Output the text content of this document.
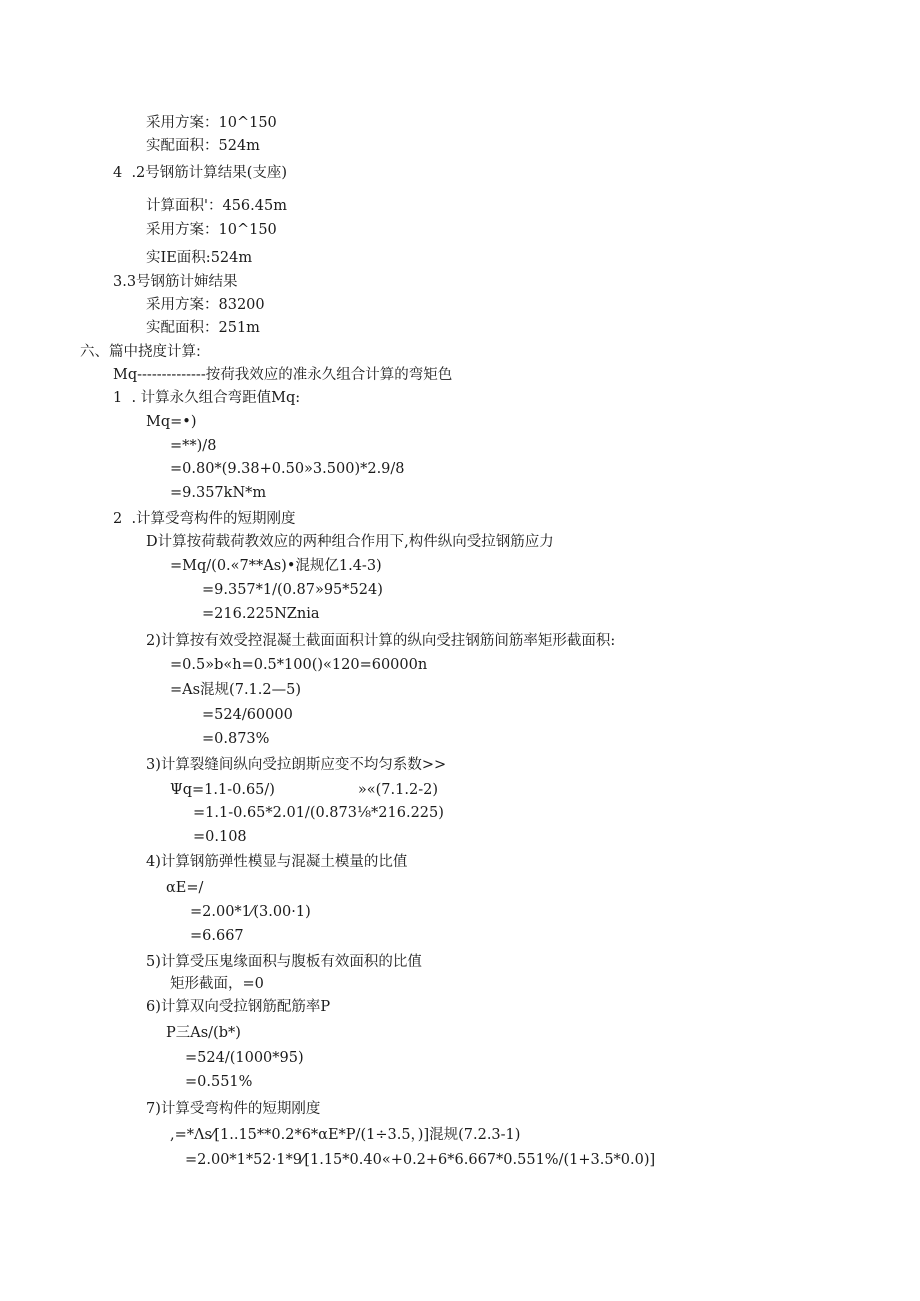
采用方案：10^150
实配面积：524m
4  .2号钢筋计算结果(支座)
计算面积'：456.45m
采用方案：10^150
实IE面积:524m
3.3号钢筋计婶结果
采用方案：83200
实配面积：251m
六、篇中挠度计算:
Mq--------------按荷我效应的准永久组合计算的弯矩色
1  . 计算永久组合弯距值Mq:
Mq=•)
=**)/8
=0.80*(9.38+0.50»3.500)*2.9/8
=9.357kN*m
2  .计算受弯构件的短期刚度
D计算按荷载荷教效应的两种组合作用下,构件纵向受拉钢筋应力
=Mq/(0.«7**As)•混规亿1.4-3)
=9.357*1/(0.87»95*524)
=216.225NZnia
2)计算按有效受控混凝土截面面积计算的纵向受拄钢筋间筋率矩形截面积:
=0.5»b«h=0.5*100()«120=60000n
=As混规(7.1.2—5)
=524/60000
=0.873%
3)计算裂缝间纵向受拉朗斯应变不均匀系数>>
Ψq=1.1-0.65/)                  »«(7.1.2-2)
=1.1-0.65*2.01/(0.873⅛*216.225)
=0.108
4)计算钢筋弹性模显与混凝土模量的比值
αE=/
=2.00*1⁄(3.00·1)
=6.667
5)计算受压鬼缘面积与腹板有效面积的比值
矩形截面，=0
6)计算双向受拉钢筋配筋率P
P三As/(b*)
=524/(1000*95)
=0.551%
7)计算受弯构件的短期刚度
,=*Λs⁄[1..15**0.2*6*αE*P/(1÷3.5，)]混规(7.2.3-1)
=2.00*1*52·1*9⁄[1.15*0.40«+0.2+6*6.667*0.551%/(1+3.5*0.0)]
